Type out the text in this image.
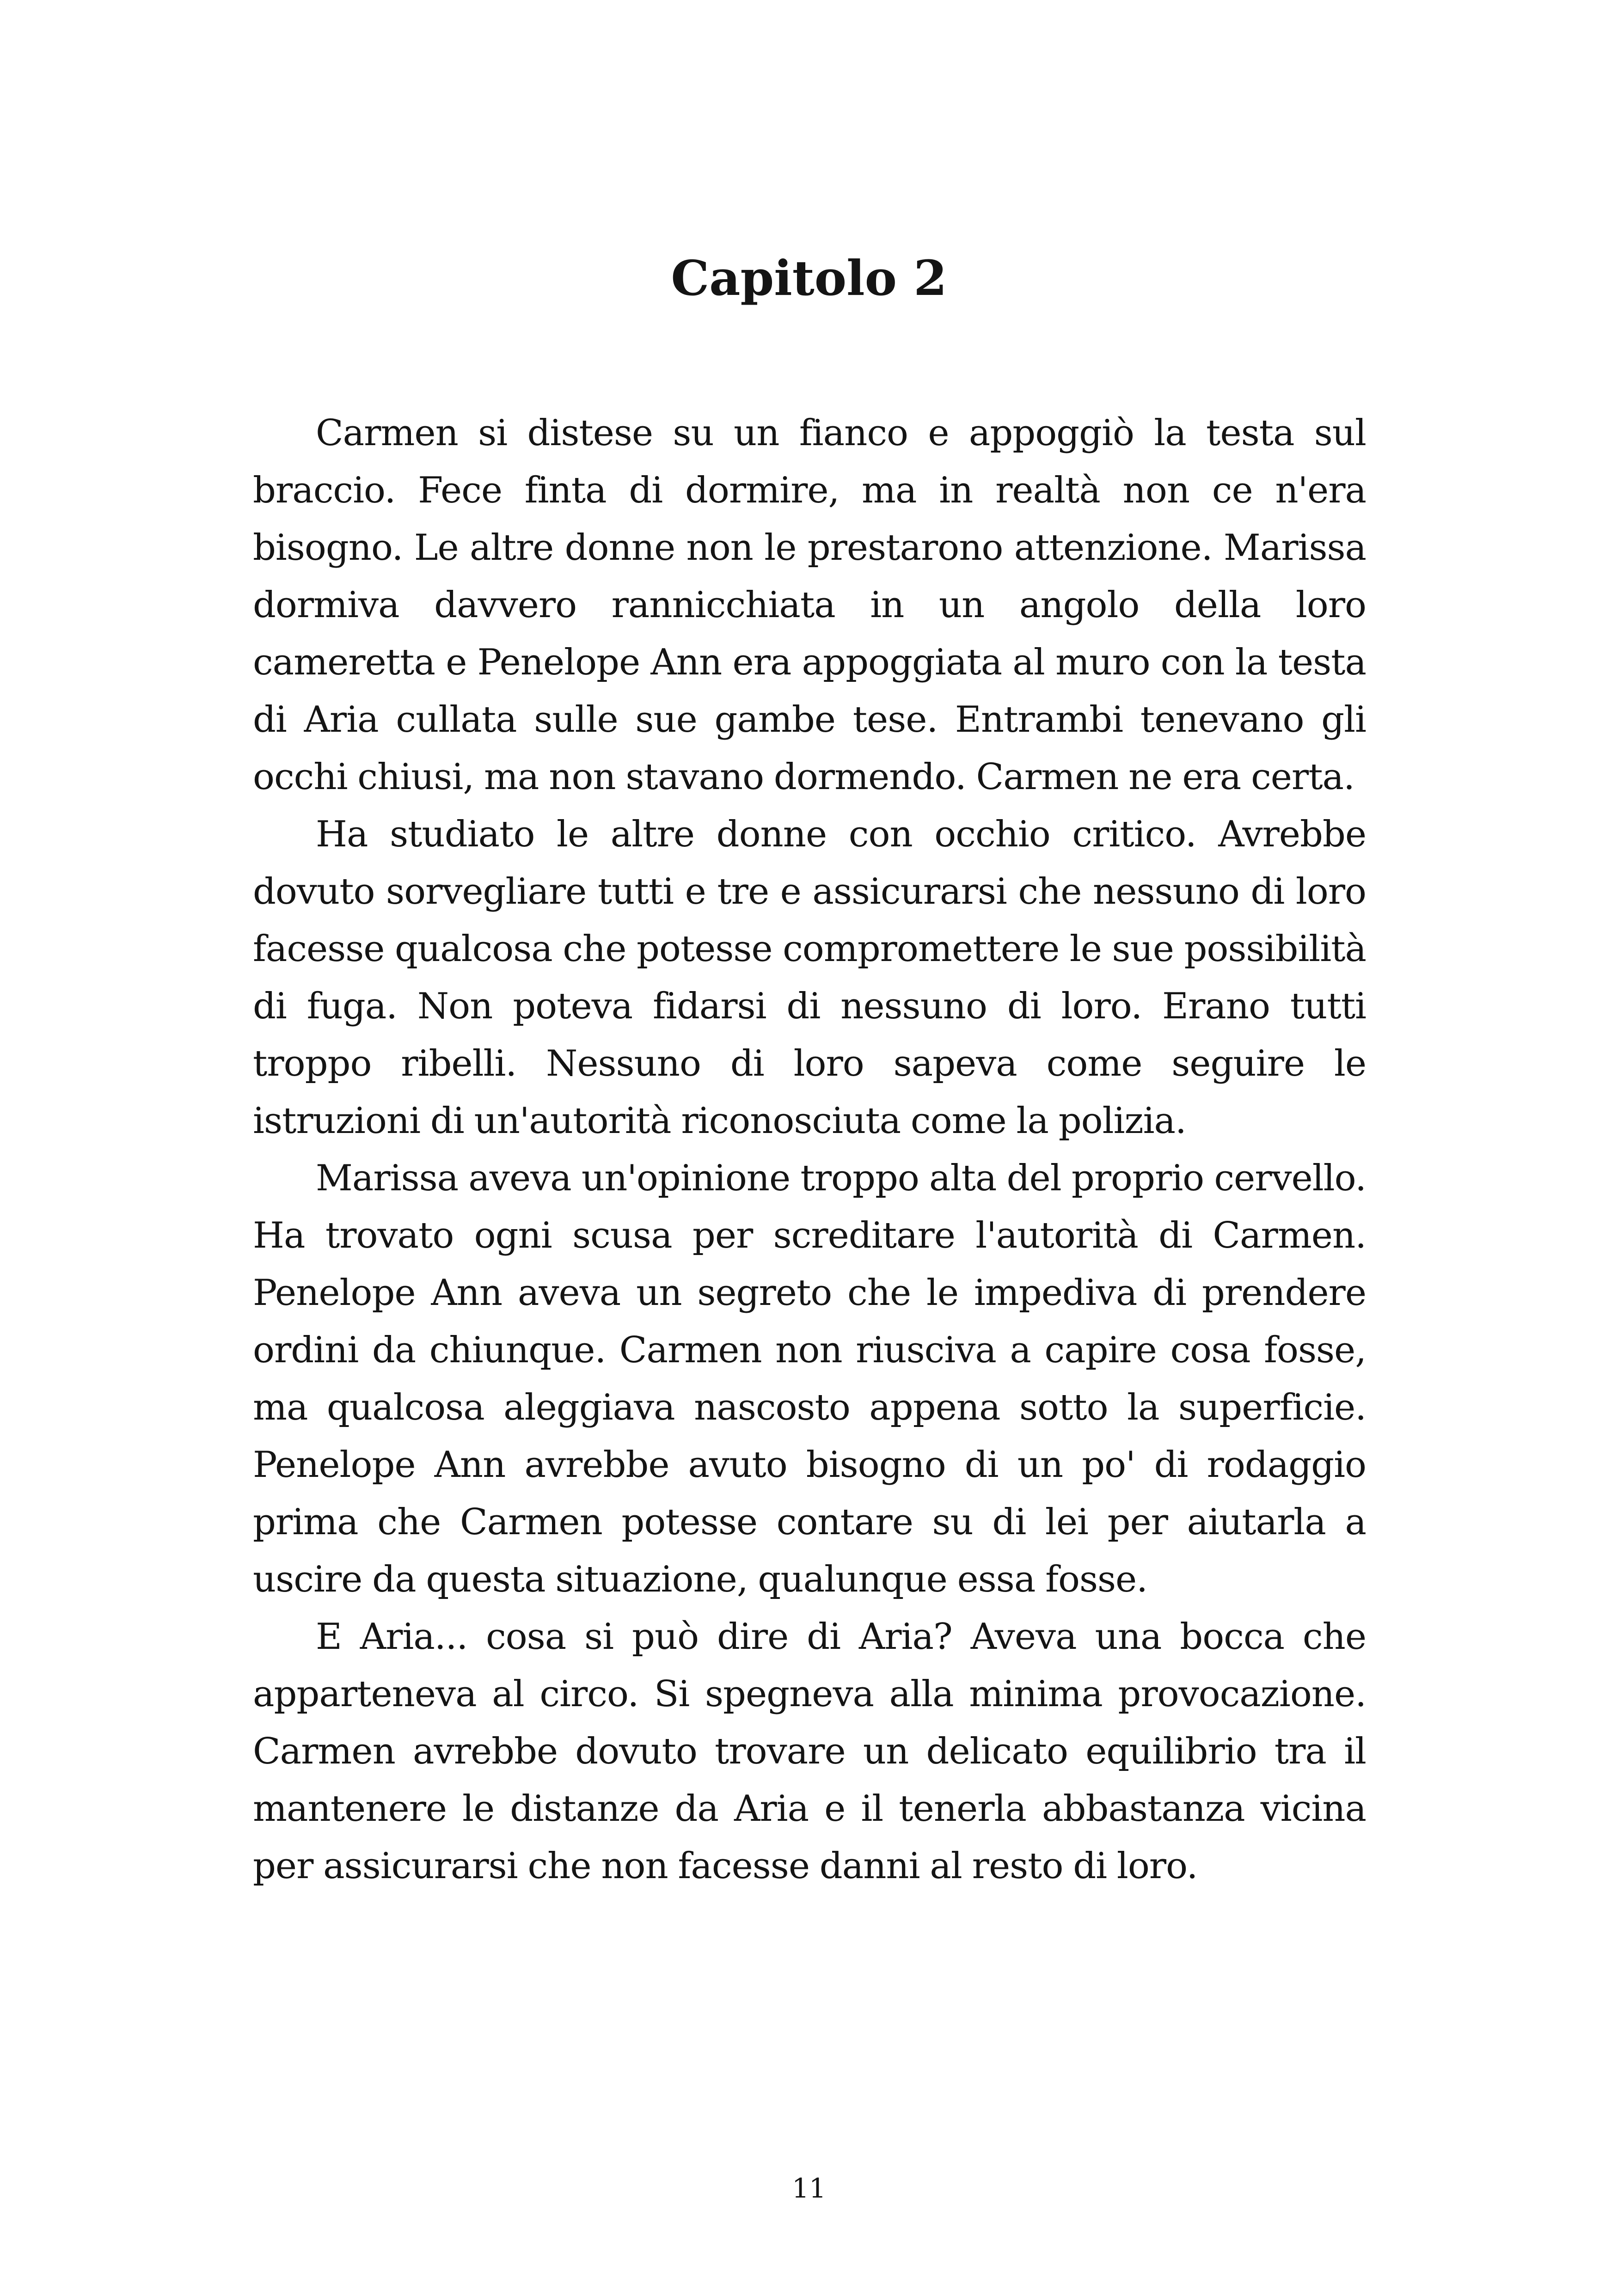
Capitolo 2

Carmen si distese su un fianco e appoggiò la testa sul braccio. Fece finta di dormire, ma in realtà non ce n'era bisogno. Le altre donne non le prestarono attenzione. Marissa dormiva davvero rannicchiata in un angolo della loro cameretta e Penelope Ann era appoggiata al muro con la testa di Aria cullata sulle sue gambe tese. Entrambi tenevano gli occhi chiusi, ma non stavano dormendo. Carmen ne era certa.

Ha studiato le altre donne con occhio critico. Avrebbe dovuto sorvegliare tutti e tre e assicurarsi che nessuno di loro facesse qualcosa che potesse compromettere le sue possibilità di fuga. Non poteva fidarsi di nessuno di loro. Erano tutti troppo ribelli. Nessuno di loro sapeva come seguire le istruzioni di un'autorità riconosciuta come la polizia.

Marissa aveva un'opinione troppo alta del proprio cervello. Ha trovato ogni scusa per screditare l'autorità di Carmen. Penelope Ann aveva un segreto che le impediva di prendere ordini da chiunque. Carmen non riusciva a capire cosa fosse, ma qualcosa aleggiava nascosto appena sotto la superficie. Penelope Ann avrebbe avuto bisogno di un po' di rodaggio prima che Carmen potesse contare su di lei per aiutarla a uscire da questa situazione, qualunque essa fosse.

E Aria... cosa si può dire di Aria? Aveva una bocca che apparteneva al circo. Si spegneva alla minima provocazione. Carmen avrebbe dovuto trovare un delicato equilibrio tra il mantenere le distanze da Aria e il tenerla abbastanza vicina per assicurarsi che non facesse danni al resto di loro.

11
